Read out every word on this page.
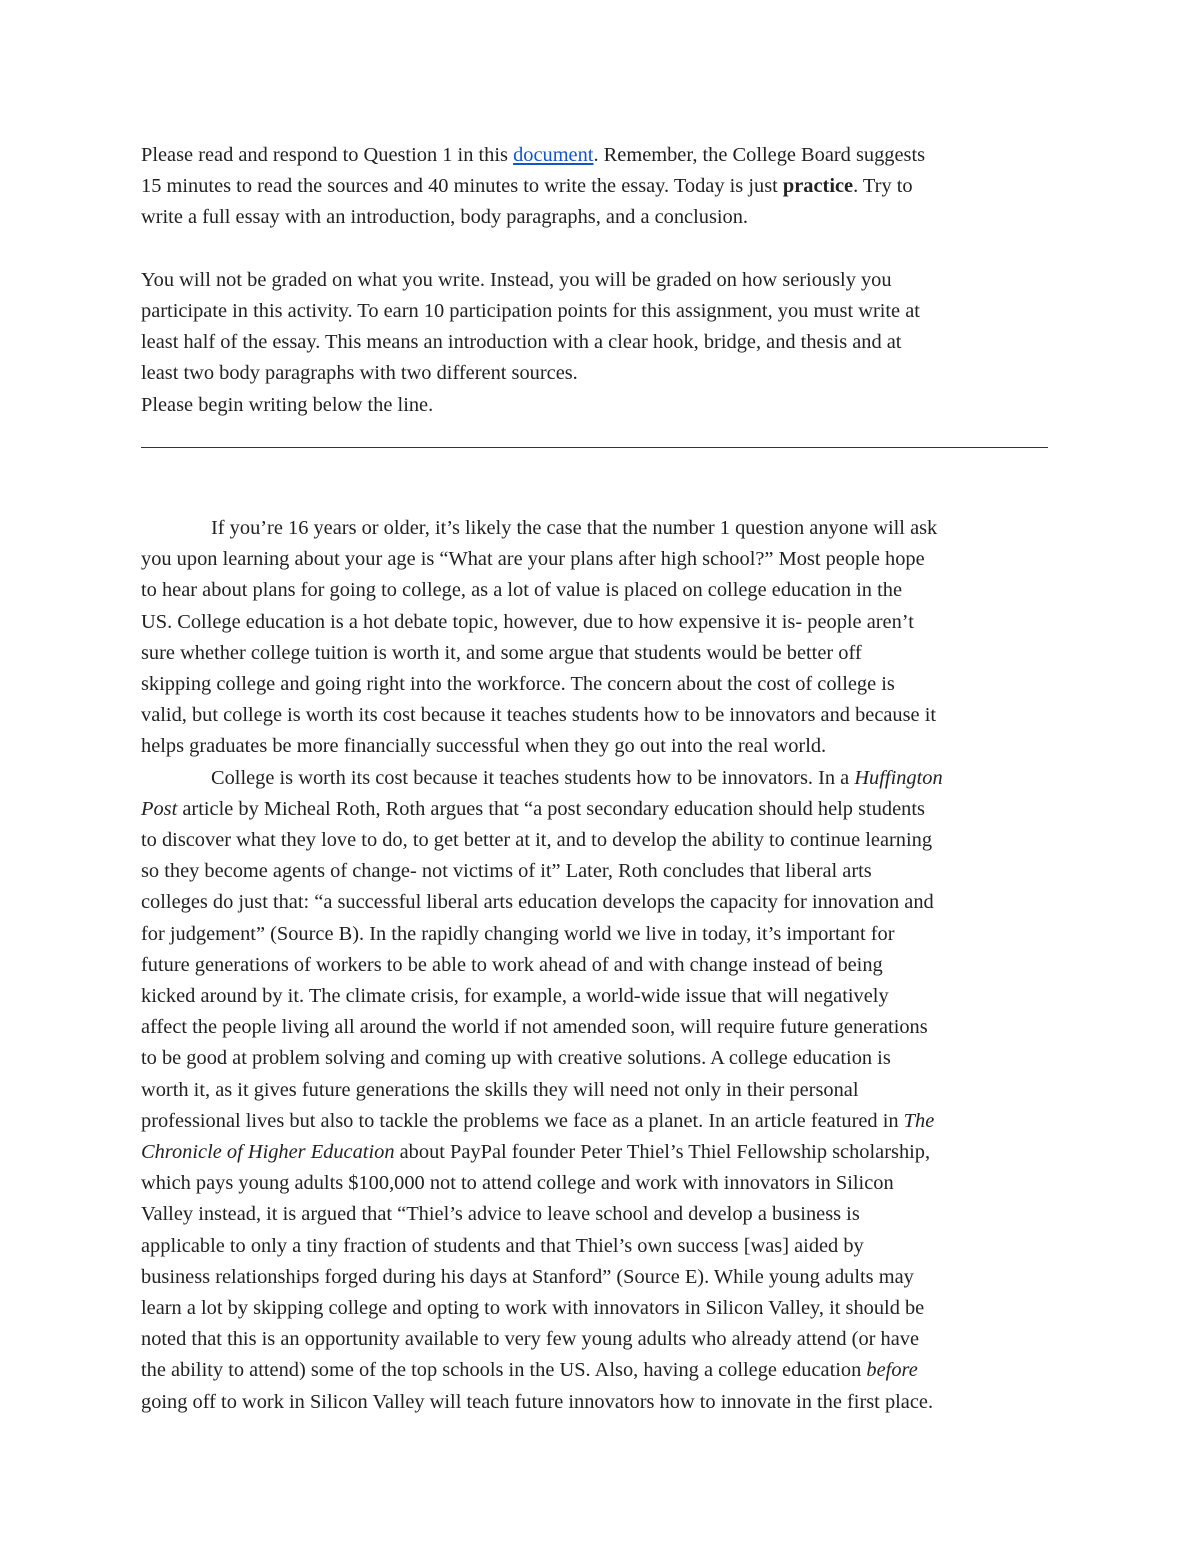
Please read and respond to Question 1 in this document. Remember, the College Board suggests

15 minutes to read the sources and 40 minutes to write the essay. Today is just practice. Try to

write a full essay with an introduction, body paragraphs, and a conclusion.

You will not be graded on what you write. Instead, you will be graded on how seriously you

participate in this activity. To earn 10 participation points for this assignment, you must write at

least half of the essay. This means an introduction with a clear hook, bridge, and thesis and at

least two body paragraphs with two different sources.

Please begin writing below the line.

If you’re 16 years or older, it’s likely the case that the number 1 question anyone will ask
you upon learning about your age is “What are your plans after high school?” Most people hope
to hear about plans for going to college, as a lot of value is placed on college education in the
US. College education is a hot debate topic, however, due to how expensive it is- people aren’t
sure whether college tuition is worth it, and some argue that students would be better off
skipping college and going right into the workforce. The concern about the cost of college is
valid, but college is worth its cost because it teaches students how to be innovators and because it
helps graduates be more financially successful when they go out into the real world.
College is worth its cost because it teaches students how to be innovators. In a Huffington
Post article by Micheal Roth, Roth argues that “a post secondary education should help students
to discover what they love to do, to get better at it, and to develop the ability to continue learning
so they become agents of change- not victims of it” Later, Roth concludes that liberal arts
colleges do just that: “a successful liberal arts education develops the capacity for innovation and
for judgement” (Source B). In the rapidly changing world we live in today, it’s important for
future generations of workers to be able to work ahead of and with change instead of being
kicked around by it. The climate crisis, for example, a world-wide issue that will negatively
affect the people living all around the world if not amended soon, will require future generations
to be good at problem solving and coming up with creative solutions. A college education is
worth it, as it gives future generations the skills they will need not only in their personal
professional lives but also to tackle the problems we face as a planet. In an article featured in The
Chronicle of Higher Education about PayPal founder Peter Thiel’s Thiel Fellowship scholarship,
which pays young adults $100,000 not to attend college and work with innovators in Silicon
Valley instead, it is argued that “Thiel’s advice to leave school and develop a business is
applicable to only a tiny fraction of students and that Thiel’s own success [was] aided by
business relationships forged during his days at Stanford” (Source E). While young adults may
learn a lot by skipping college and opting to work with innovators in Silicon Valley, it should be
noted that this is an opportunity available to very few young adults who already attend (or have
the ability to attend) some of the top schools in the US. Also, having a college education before
going off to work in Silicon Valley will teach future innovators how to innovate in the first place.
